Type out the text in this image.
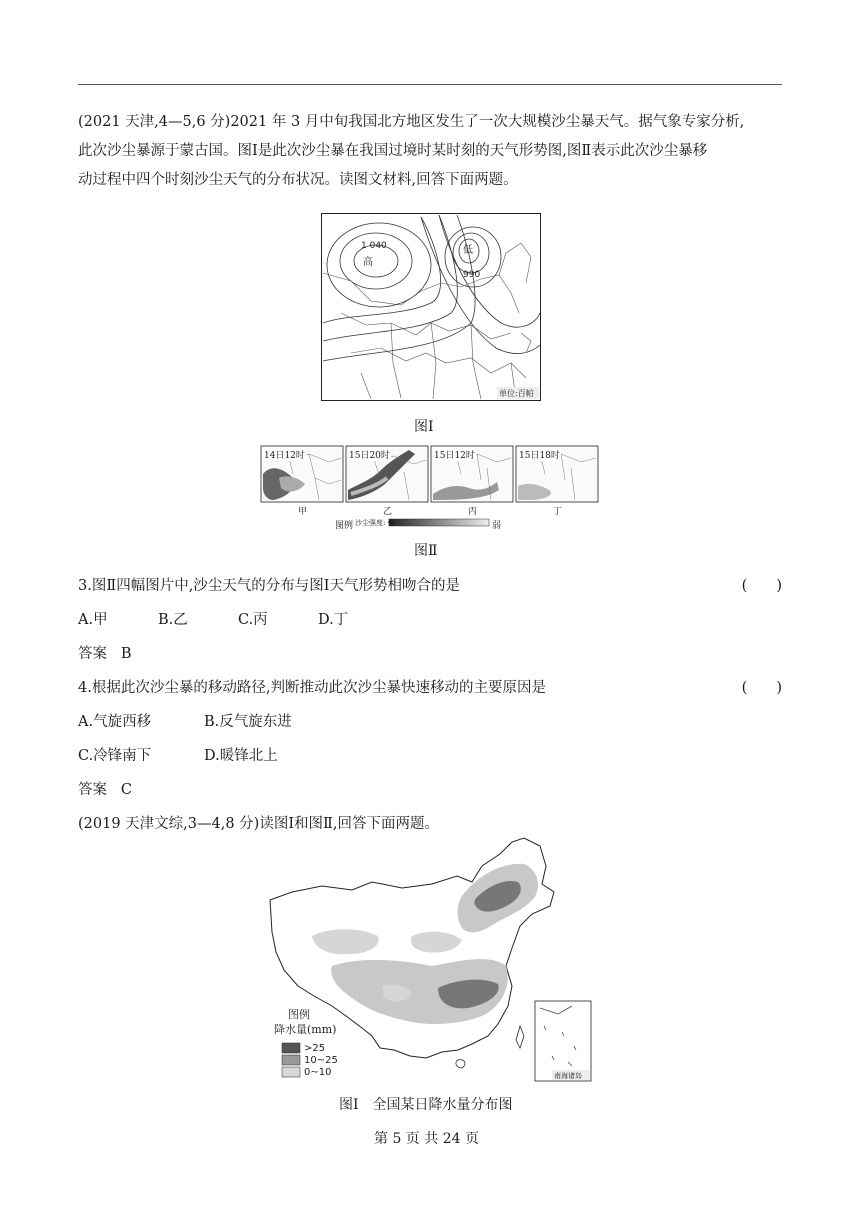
(2021 天津,4—5,6 分)2021 年 3 月中旬我国北方地区发生了一次大规模沙尘暴天气。据气象专家分析,
此次沙尘暴源于蒙古国。图Ⅰ是此次沙尘暴在我国过境时某时刻的天气形势图,图Ⅱ表示此次沙尘暴移
动过程中四个时刻沙尘天气的分布状况。读图文材料,回答下面两题。
1 040
高
低
990
单位:百帕
图Ⅰ
14日12时	15日20时	15日12时	15日18时
甲	乙	丙	丁
图例 沙尘强度: 强	弱
图Ⅱ
3.图Ⅱ四幅图片中,沙尘天气的分布与图Ⅰ天气形势相吻合的是	(　　)
A.甲	B.乙	C.丙	D.丁
答案 B
4.根据此次沙尘暴的移动路径,判断推动此次沙尘暴快速移动的主要原因是	(　　)
A.气旋西移	B.反气旋东进
C.冷锋南下	D.暖锋北上
答案 C
(2019 天津文综,3—4,8 分)读图Ⅰ和图Ⅱ,回答下面两题。
图例
降水量(mm)
>25
10~25
0~10	南海诸岛
图Ⅰ　全国某日降水量分布图
第 5 页 共 24 页
